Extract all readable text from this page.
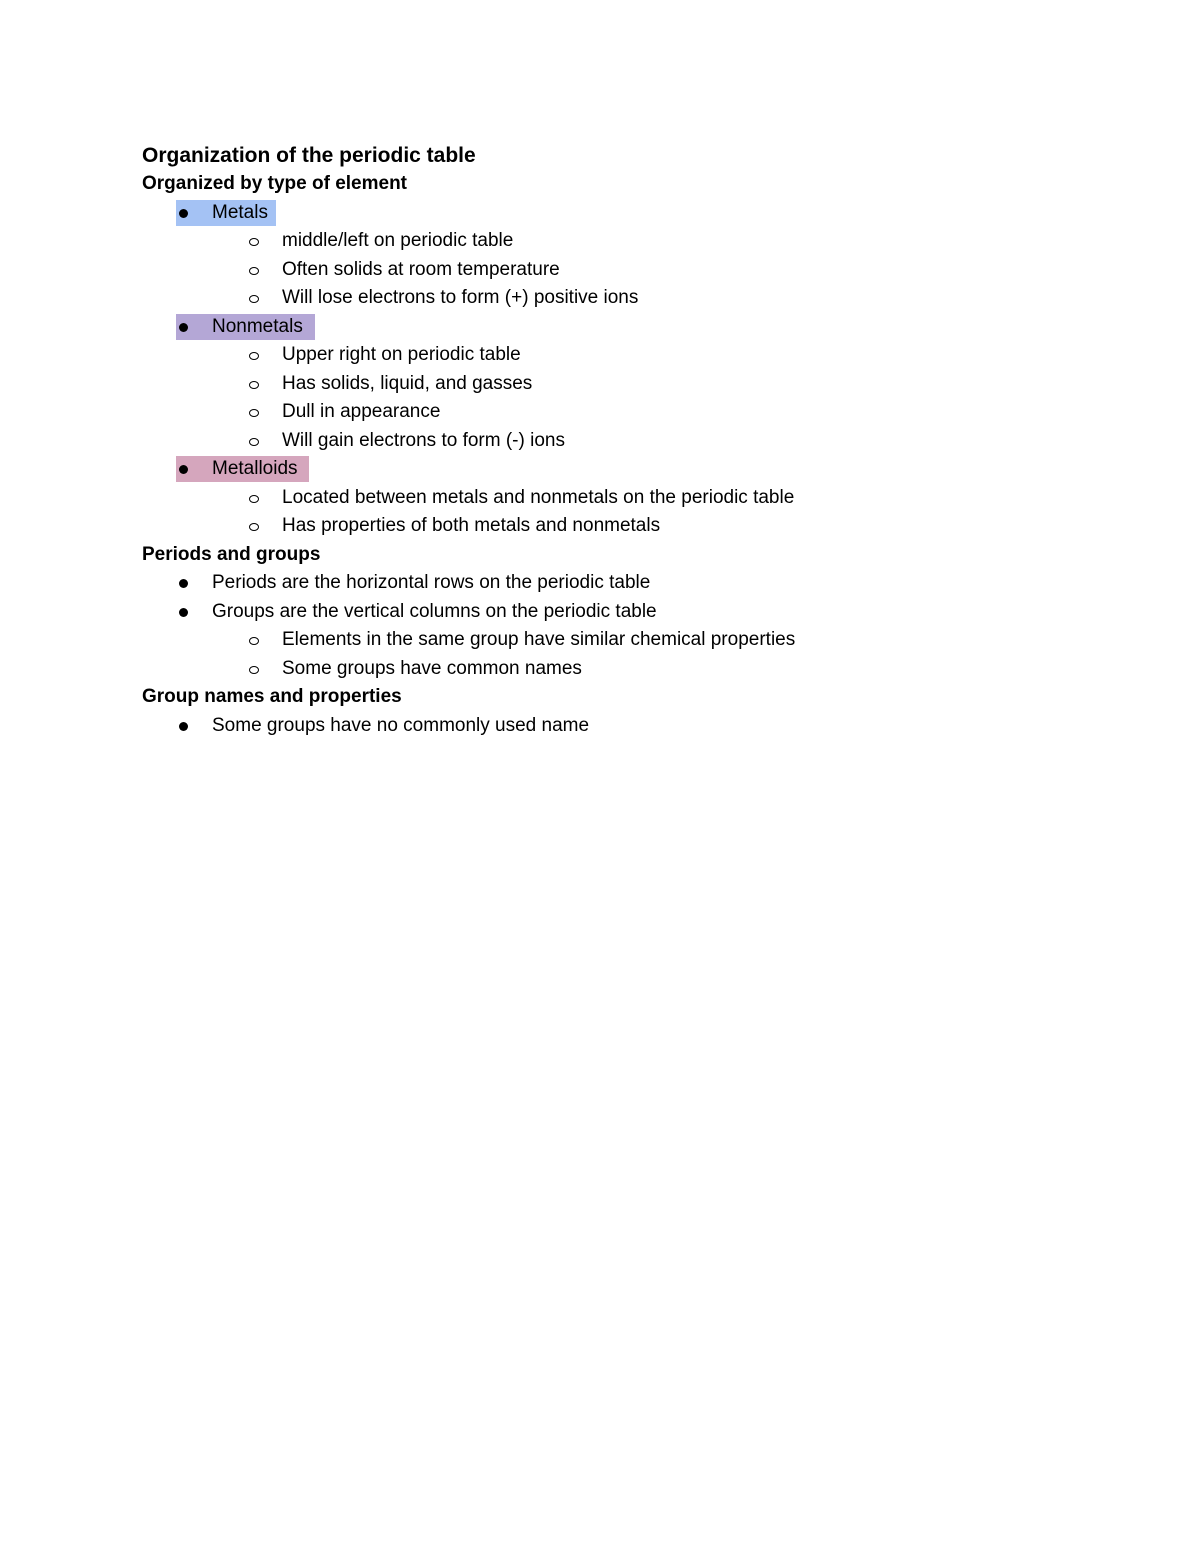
Organization of the periodic table
Organized by type of element
Metals
middle/left on periodic table
Often solids at room temperature
Will lose electrons to form (+) positive ions
Nonmetals
Upper right on periodic table
Has solids, liquid, and gasses
Dull in appearance
Will gain electrons to form (-) ions
Metalloids
Located between metals and nonmetals on the periodic table
Has properties of both metals and nonmetals
Periods and groups
Periods are the horizontal rows on the periodic table
Groups are the vertical columns on the periodic table
Elements in the same group have similar chemical properties
Some groups have common names
Group names and properties
Some groups have no commonly used name
